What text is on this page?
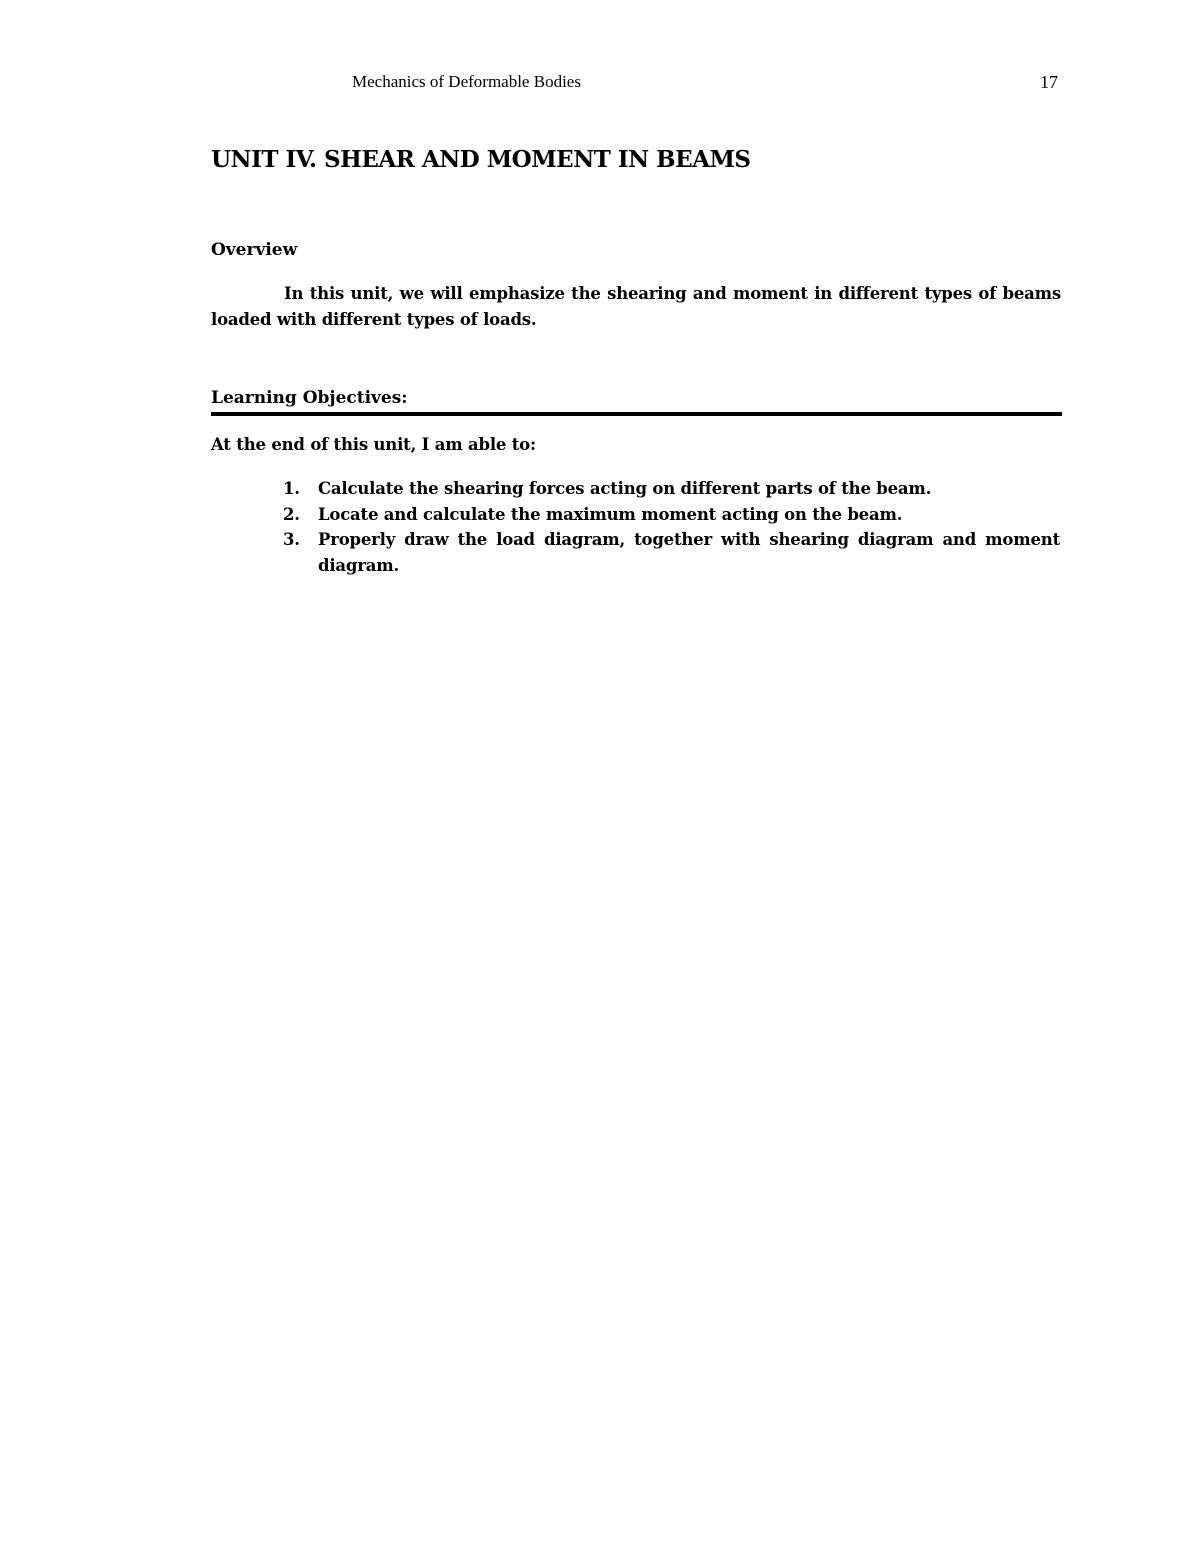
Mechanics of Deformable Bodies	17
UNIT IV. SHEAR AND MOMENT IN BEAMS
Overview
In this unit, we will emphasize the shearing and moment in different types of beams loaded with different types of loads.
Learning Objectives:
At the end of this unit, I am able to:
1.	Calculate the shearing forces acting on different parts of the beam.
2.	Locate and calculate the maximum moment acting on the beam.
3.	Properly draw the load diagram, together with shearing diagram and moment diagram.
